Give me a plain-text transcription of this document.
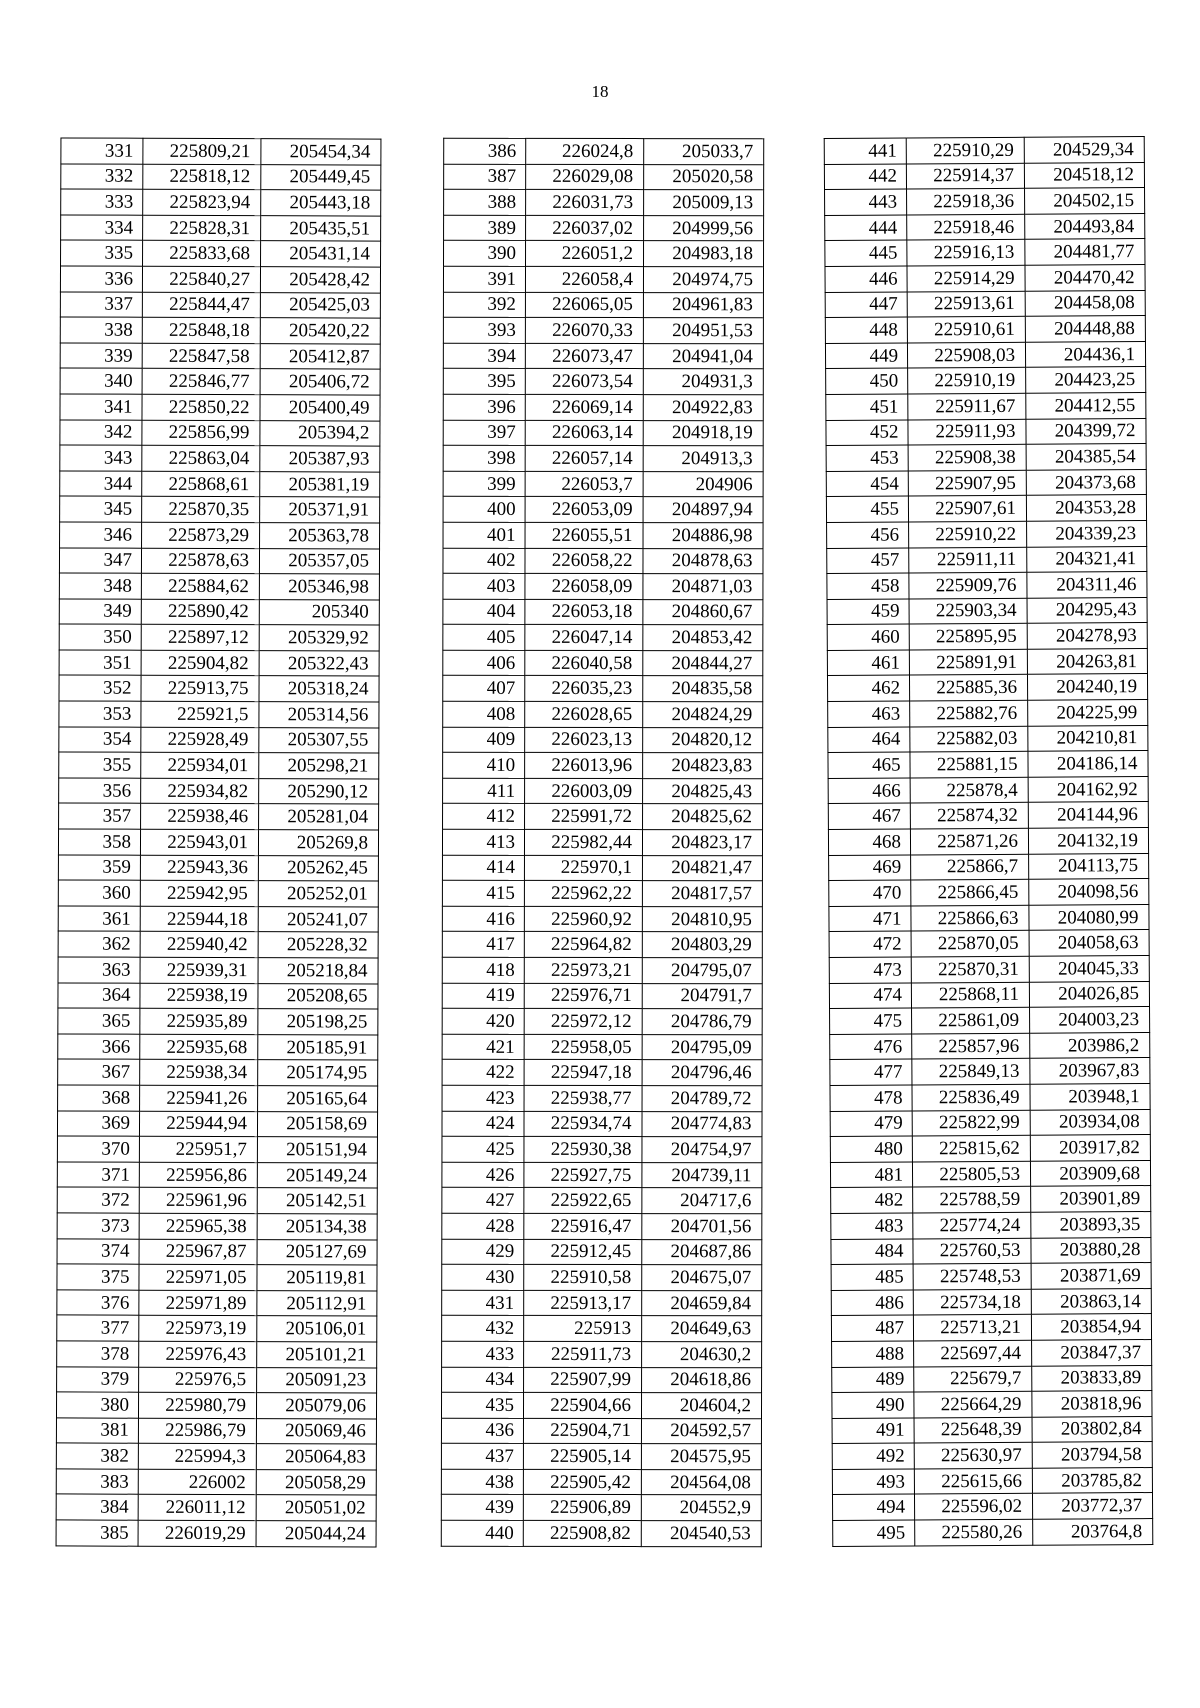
18
331	225809,21	205454,34
332	225818,12	205449,45
333	225823,94	205443,18
334	225828,31	205435,51
335	225833,68	205431,14
336	225840,27	205428,42
337	225844,47	205425,03
338	225848,18	205420,22
339	225847,58	205412,87
340	225846,77	205406,72
341	225850,22	205400,49
342	225856,99	205394,2
343	225863,04	205387,93
344	225868,61	205381,19
345	225870,35	205371,91
346	225873,29	205363,78
347	225878,63	205357,05
348	225884,62	205346,98
349	225890,42	205340
350	225897,12	205329,92
351	225904,82	205322,43
352	225913,75	205318,24
353	225921,5	205314,56
354	225928,49	205307,55
355	225934,01	205298,21
356	225934,82	205290,12
357	225938,46	205281,04
358	225943,01	205269,8
359	225943,36	205262,45
360	225942,95	205252,01
361	225944,18	205241,07
362	225940,42	205228,32
363	225939,31	205218,84
364	225938,19	205208,65
365	225935,89	205198,25
366	225935,68	205185,91
367	225938,34	205174,95
368	225941,26	205165,64
369	225944,94	205158,69
370	225951,7	205151,94
371	225956,86	205149,24
372	225961,96	205142,51
373	225965,38	205134,38
374	225967,87	205127,69
375	225971,05	205119,81
376	225971,89	205112,91
377	225973,19	205106,01
378	225976,43	205101,21
379	225976,5	205091,23
380	225980,79	205079,06
381	225986,79	205069,46
382	225994,3	205064,83
383	226002	205058,29
384	226011,12	205051,02
385	226019,29	205044,24
386	226024,8	205033,7
387	226029,08	205020,58
388	226031,73	205009,13
389	226037,02	204999,56
390	226051,2	204983,18
391	226058,4	204974,75
392	226065,05	204961,83
393	226070,33	204951,53
394	226073,47	204941,04
395	226073,54	204931,3
396	226069,14	204922,83
397	226063,14	204918,19
398	226057,14	204913,3
399	226053,7	204906
400	226053,09	204897,94
401	226055,51	204886,98
402	226058,22	204878,63
403	226058,09	204871,03
404	226053,18	204860,67
405	226047,14	204853,42
406	226040,58	204844,27
407	226035,23	204835,58
408	226028,65	204824,29
409	226023,13	204820,12
410	226013,96	204823,83
411	226003,09	204825,43
412	225991,72	204825,62
413	225982,44	204823,17
414	225970,1	204821,47
415	225962,22	204817,57
416	225960,92	204810,95
417	225964,82	204803,29
418	225973,21	204795,07
419	225976,71	204791,7
420	225972,12	204786,79
421	225958,05	204795,09
422	225947,18	204796,46
423	225938,77	204789,72
424	225934,74	204774,83
425	225930,38	204754,97
426	225927,75	204739,11
427	225922,65	204717,6
428	225916,47	204701,56
429	225912,45	204687,86
430	225910,58	204675,07
431	225913,17	204659,84
432	225913	204649,63
433	225911,73	204630,2
434	225907,99	204618,86
435	225904,66	204604,2
436	225904,71	204592,57
437	225905,14	204575,95
438	225905,42	204564,08
439	225906,89	204552,9
440	225908,82	204540,53
441	225910,29	204529,34
442	225914,37	204518,12
443	225918,36	204502,15
444	225918,46	204493,84
445	225916,13	204481,77
446	225914,29	204470,42
447	225913,61	204458,08
448	225910,61	204448,88
449	225908,03	204436,1
450	225910,19	204423,25
451	225911,67	204412,55
452	225911,93	204399,72
453	225908,38	204385,54
454	225907,95	204373,68
455	225907,61	204353,28
456	225910,22	204339,23
457	225911,11	204321,41
458	225909,76	204311,46
459	225903,34	204295,43
460	225895,95	204278,93
461	225891,91	204263,81
462	225885,36	204240,19
463	225882,76	204225,99
464	225882,03	204210,81
465	225881,15	204186,14
466	225878,4	204162,92
467	225874,32	204144,96
468	225871,26	204132,19
469	225866,7	204113,75
470	225866,45	204098,56
471	225866,63	204080,99
472	225870,05	204058,63
473	225870,31	204045,33
474	225868,11	204026,85
475	225861,09	204003,23
476	225857,96	203986,2
477	225849,13	203967,83
478	225836,49	203948,1
479	225822,99	203934,08
480	225815,62	203917,82
481	225805,53	203909,68
482	225788,59	203901,89
483	225774,24	203893,35
484	225760,53	203880,28
485	225748,53	203871,69
486	225734,18	203863,14
487	225713,21	203854,94
488	225697,44	203847,37
489	225679,7	203833,89
490	225664,29	203818,96
491	225648,39	203802,84
492	225630,97	203794,58
493	225615,66	203785,82
494	225596,02	203772,37
495	225580,26	203764,8
